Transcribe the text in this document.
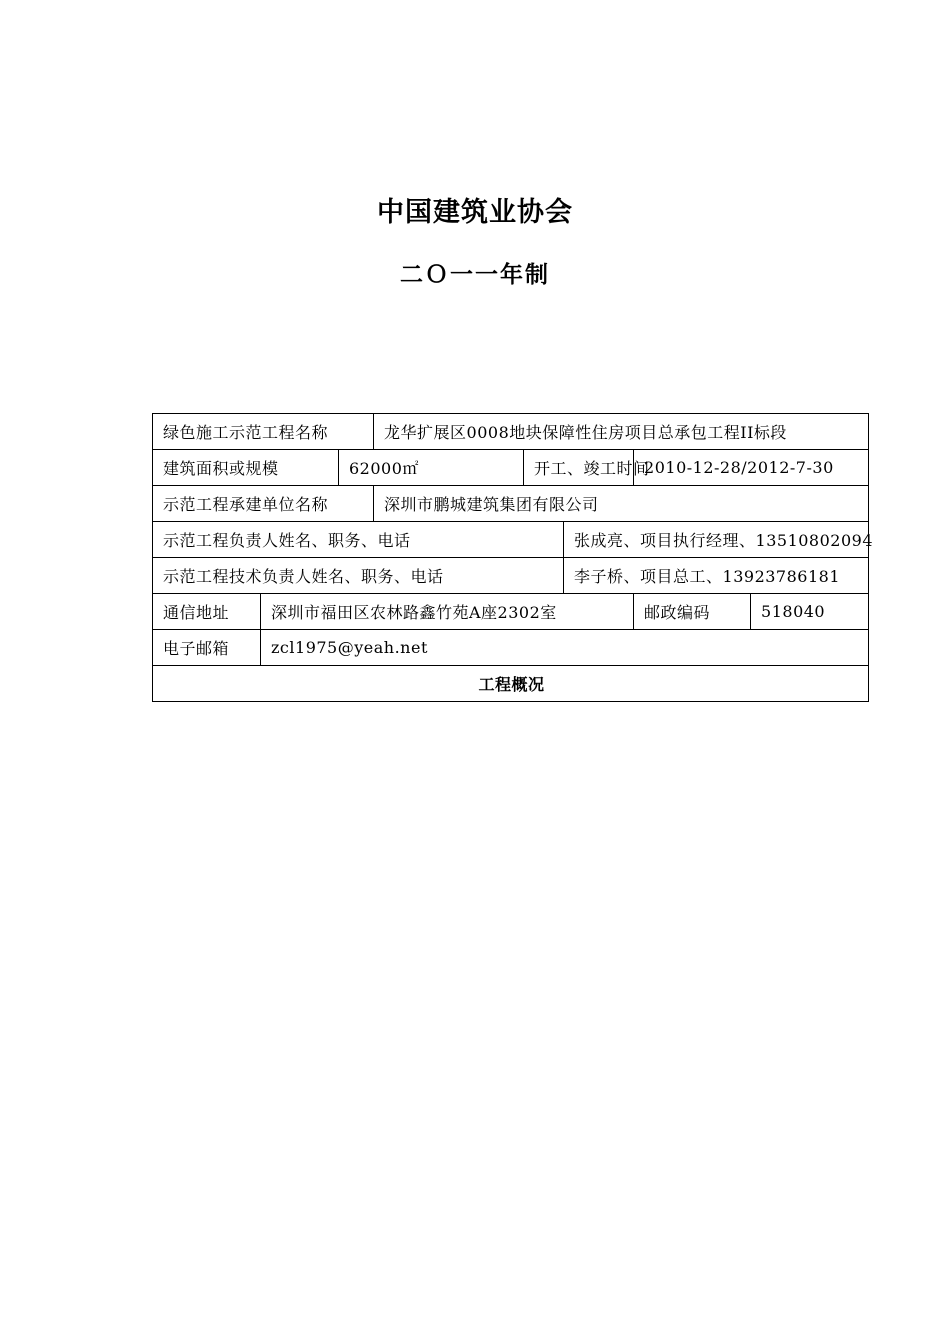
中国建筑业协会
二Ｏ一一年制
绿色施工示范工程名称			龙华扩展区0008地块保障性住房项目总承包工程II标段				
建筑面积或规模		62000㎡		开工、竣工时间		2010-12-28/2012-7-30	
示范工程承建单位名称			深圳市鹏城建筑集团有限公司				
示范工程负责人姓名、职务、电话					张成亮、项目执行经理、13510802094		
示范工程技术负责人姓名、职务、电话					李子桥、项目总工、13923786181		
通信地址	深圳市福田区农林路鑫竹苑A座2302室					邮政编码	518040
电子邮箱	zcl1975@yeah.net						
工程概况							
